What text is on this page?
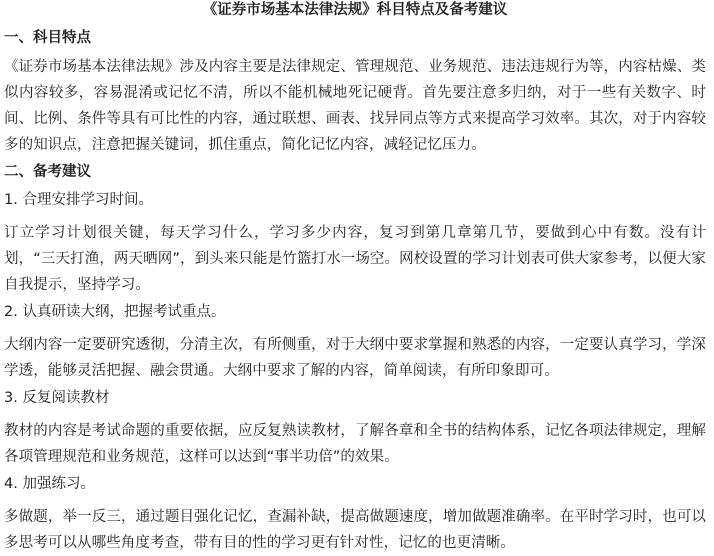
《证券市场基本法律法规》科目特点及备考建议
一、科目特点

《证券市场基本法律法规》涉及内容主要是法律规定、管理规范、业务规范、违法违规行为等，内容枯燥、类似内容较多，容易混淆或记忆不清，所以不能机械地死记硬背。首先要注意多归纳，对于一些有关数字、时间、比例、条件等具有可比性的内容，通过联想、画表、找异同点等方式来提高学习效率。其次，对于内容较多的知识点，注意把握关键词，抓住重点，简化记忆内容，减轻记忆压力。

二、备考建议

1. 合理安排学习时间。

订立学习计划很关键，每天学习什么，学习多少内容，复习到第几章第几节，要做到心中有数。没有计划，“三天打渔，两天晒网”，到头来只能是竹篮打水一场空。网校设置的学习计划表可供大家参考，以便大家自我提示，坚持学习。

2. 认真研读大纲，把握考试重点。

大纲内容一定要研究透彻，分清主次，有所侧重，对于大纲中要求掌握和熟悉的内容，一定要认真学习，学深学透，能够灵活把握、融会贯通。大纲中要求了解的内容，简单阅读，有所印象即可。

3. 反复阅读教材

教材的内容是考试命题的重要依据，应反复熟读教材，了解各章和全书的结构体系，记忆各项法律规定，理解各项管理规范和业务规范，这样可以达到“事半功倍”的效果。

4. 加强练习。

多做题，举一反三，通过题目强化记忆，查漏补缺，提高做题速度，增加做题准确率。在平时学习时，也可以多思考可以从哪些角度考查，带有目的性的学习更有针对性，记忆的也更清晰。
